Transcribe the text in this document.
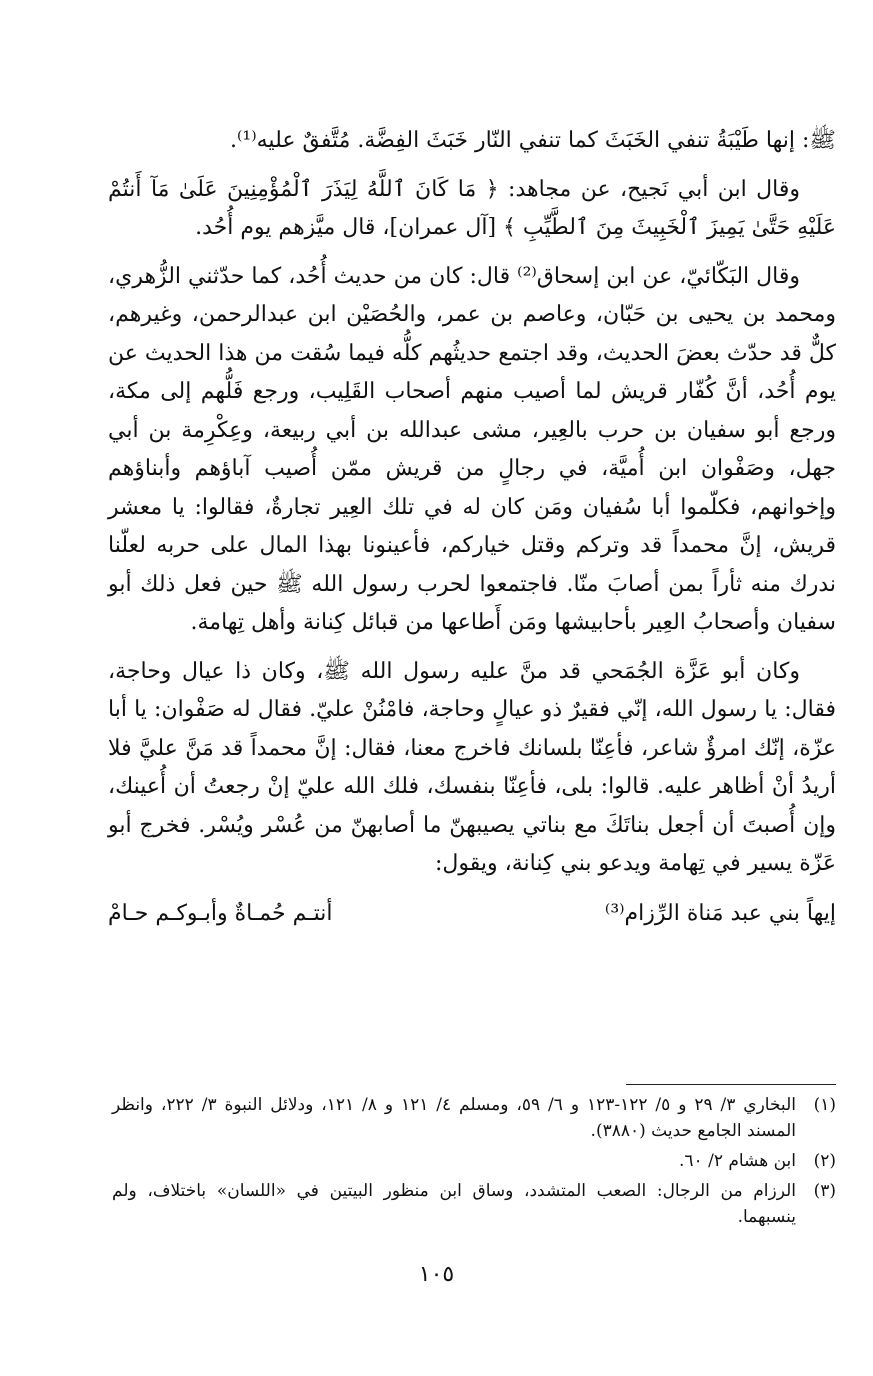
ﷺ: إنها طَيْبَةُ تنفي الخَبَثَ كما تنفي النّار خَبَثَ الفِضَّة. مُتَّفقٌ عليه⁽¹⁾.

وقال ابن أبي نَجيح، عن مجاهد: ﴿ مَا كَانَ ٱللَّهُ لِيَذَرَ ٱلْمُؤْمِنِينَ عَلَىٰ مَآ أَنتُمْ عَلَيْهِ حَتَّىٰ يَمِيزَ ٱلْخَبِيثَ مِنَ ٱلطَّيِّبِ ﴾ [آل عمران]، قال ميَّزهم يوم أُحُد.

وقال البَكّائيّ، عن ابن إسحاق⁽²⁾ قال: كان من حديث أُحُد، كما حدّثني الزُّهري، ومحمد بن يحيى بن حَبّان، وعاصم بن عمر، والحُصَيْن ابن عبدالرحمن، وغيرهم، كلٌّ قد حدّث بعضَ الحديث، وقد اجتمع حديثُهم كلُّه فيما سُقت من هذا الحديث عن يوم أُحُد، أنَّ كُفّار قريش لما أصيب منهم أصحاب القَلِيب، ورجع فَلُّهم إلى مكة، ورجع أبو سفيان بن حرب بالعِير، مشى عبدالله بن أبي ربيعة، وعِكْرِمة بن أبي جهل، وصَفْوان ابن أُميَّة، في رجالٍ من قريش ممّن أُصيب آباؤهم وأبناؤهم وإخوانهم، فكلّموا أبا سُفيان ومَن كان له في تلك العِير تجارةٌ، فقالوا: يا معشر قريش، إنَّ محمداً قد وتركم وقتل خياركم، فأعينونا بهذا المال على حربه لعلّنا ندرك منه ثأراً بمن أصابَ منّا. فاجتمعوا لحرب رسول الله ﷺ حين فعل ذلك أبو سفيان وأصحابُ العِير بأحابيشها ومَن أَطاعها من قبائل كِنانة وأهل تِهامة.

وكان أبو عَزَّة الجُمَحي قد منَّ عليه رسول الله ﷺ، وكان ذا عيال وحاجة، فقال: يا رسول الله، إنّي فقيرٌ ذو عيالٍ وحاجة، فامْنُنْ عليّ. فقال له صَفْوان: يا أبا عزّة، إنّك امرؤٌ شاعر، فأعِنّا بلسانك فاخرج معنا، فقال: إنَّ محمداً قد مَنَّ عليَّ فلا أريدُ أنْ أظاهر عليه. قالوا: بلى، فأعِنّا بنفسك، فلك الله عليّ إنْ رجعتُ أن أُعينك، وإن أُصبتَ أن أجعل بناتَكَ مع بناتي يصيبهنّ ما أصابهنّ من عُسْر ويُسْر. فخرج أبو عَزّة يسير في تِهامة ويدعو بني كِنانة، ويقول:

إيهاً بني عبد مَناة الرِّزام⁽³⁾
أنتـم حُمـاةٌ وأبـوكـم حـامْ
(١)
البخاري ٣/ ٢٩ و ٥/ ١٢٢-١٢٣ و ٦/ ٥٩، ومسلم ٤/ ١٢١ و ٨/ ١٢١، ودلائل النبوة ٣/ ٢٢٢، وانظر المسند الجامع حديث (٣٨٨٠).
(٢)
ابن هشام ٢/ ٦٠.
(٣)
الرزام من الرجال: الصعب المتشدد، وساق ابن منظور البيتين في «اللسان» باختلاف، ولم ينسبهما.
١٠٥
